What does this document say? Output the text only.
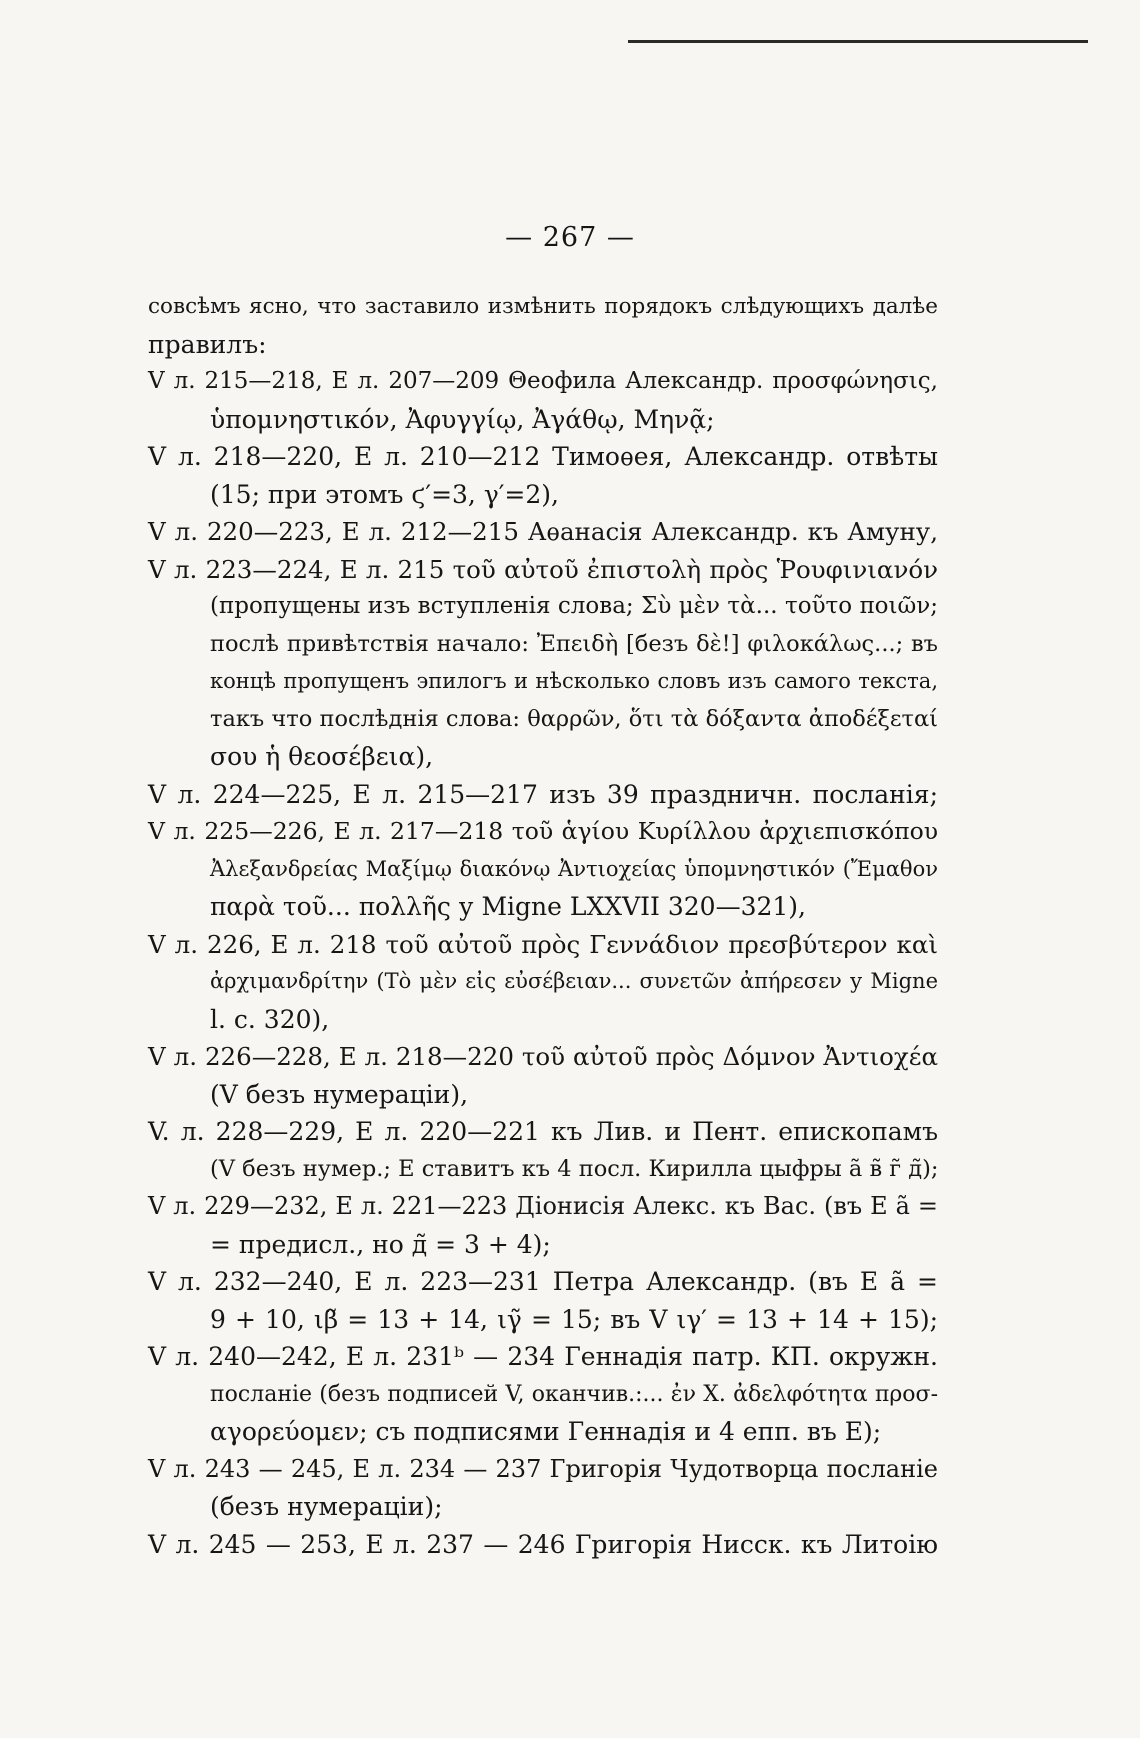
— 267 —
совсѣмъ ясно, что заставило измѣнить порядокъ слѣдующихъ далѣе
правилъ:
V л. 215—218, Е л. 207—209 Θеофила Александр. προσφώνησις,
ὑπομνηστικόν, Ἀφυγγίῳ, Ἀγάθῳ, Μηνᾷ;
V л. 218—220, Е л. 210—212 Тимоѳея, Александр. отвѣты
(15; при этомъ ϛ′=3, γ′=2),
V л. 220—223, Е л. 212—215 Аѳанасія Александр. къ Амуну,
V л. 223—224, Е л. 215 τοῦ αὐτοῦ ἐπιστολὴ πρὸς Ῥουφινιανόν
(пропущены изъ вступленія слова; Σὺ μὲν τὰ... τοῦτο ποιῶν;
послѣ привѣтствія начало: Ἐπειδὴ [безъ δὲ!] φιλοκάλως...; въ
концѣ пропущенъ эпилогъ и нѣсколько словъ изъ самого текста,
такъ что послѣднія слова: θαρρῶν, ὅτι τὰ δόξαντα ἀποδέξεταί
σου ἡ θεοσέβεια),
V л. 224—225, Е л. 215—217 изъ 39 праздничн. посланія;
V л. 225—226, Е л. 217—218 τοῦ ἁγίου Κυρίλλου ἀρχιεπισκόπου
Ἀλεξανδρείας Μαξίμῳ διακόνῳ Ἀντιοχείας ὑπομνηστικόν (Ἔμαθον
παρὰ τοῦ... πολλῆς у Migne LXXVII 320—321),
V л. 226, Е л. 218 τοῦ αὐτοῦ πρὸς Γεννάδιον πρεσβύτερον καὶ
ἀρχιμανδρίτην (Τὸ μὲν εἰς εὐσέβειαν... συνετῶν ἀπήρεσεν у Migne
l. c. 320),
V л. 226—228, Е л. 218—220 τοῦ αὐτοῦ πρὸς Δόμνον Ἀντιοχέα
(V безъ нумераціи),
V. л. 228—229, Е л. 220—221 къ Лив. и Пент. епископамъ
(V безъ нумер.; Е ставитъ къ 4 посл. Кирилла цыфры а̃ в̃ г̃ д̃);
V л. 229—232, Е л. 221—223 Діонисія Алекс. къ Вас. (въ Е а̃ =
= предисл., но д̃ = 3 + 4);
V л. 232—240, Е л. 223—231 Петра Александр. (въ Е а̃ =
9 + 10, ιβ̃ = 13 + 14, ιγ̃ = 15; въ V ιγ′ = 13 + 14 + 15);
V л. 240—242, Е л. 231ᵇ — 234 Геннадія патр. КП. окружн.
посланіе (безъ подписей V, оканчив.:... ἐν Χ. ἀδελφότητα προσ-
αγορεύομεν; съ подписями Геннадія и 4 епп. въ Е);
V л. 243 — 245, Е л. 234 — 237 Григорія Чудотворца посланіе
(безъ нумераціи);
V л. 245 — 253, Е л. 237 — 246 Григорія Нисск. къ Литоію
